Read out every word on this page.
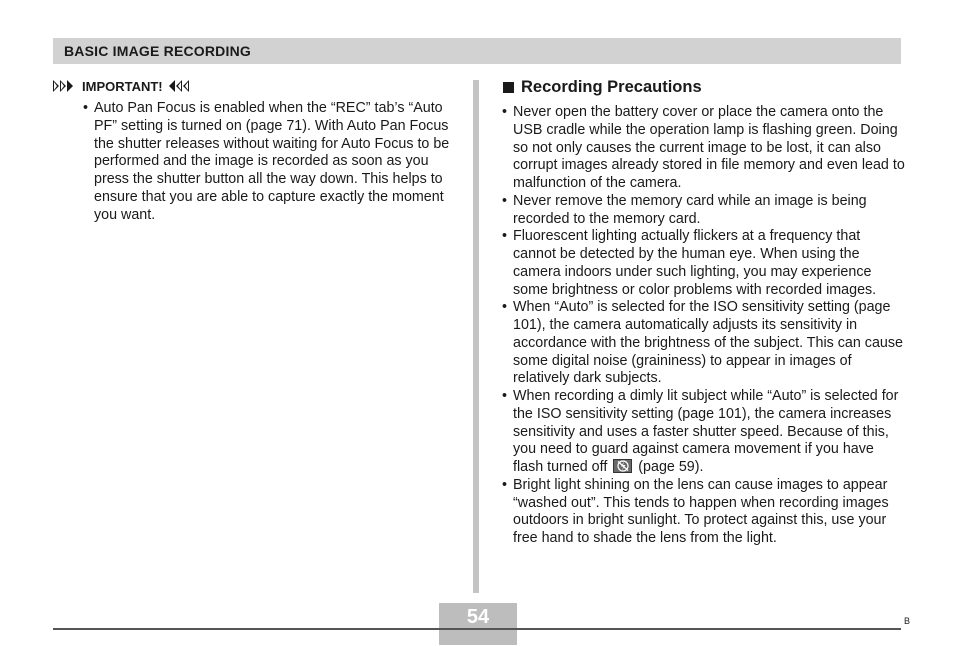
BASIC IMAGE RECORDING
IMPORTANT!
• Auto Pan Focus is enabled when the “REC” tab’s “Auto PF” setting is turned on (page 71). With Auto Pan Focus the shutter releases without waiting for Auto Focus to be performed and the image is recorded as soon as you press the shutter button all the way down. This helps to ensure that you are able to capture exactly the moment you want.
Recording Precautions
• Never open the battery cover or place the camera onto the USB cradle while the operation lamp is flashing green. Doing so not only causes the current image to be lost, it can also corrupt images already stored in file memory and even lead to malfunction of the camera.
• Never remove the memory card while an image is being recorded to the memory card.
• Fluorescent lighting actually flickers at a frequency that cannot be detected by the human eye. When using the camera indoors under such lighting, you may experience some brightness or color problems with recorded images.
• When “Auto” is selected for the ISO sensitivity setting (page 101), the camera automatically adjusts its sensitivity in accordance with the brightness of the subject. This can cause some digital noise (graininess) to appear in images of relatively dark subjects.
• When recording a dimly lit subject while “Auto” is selected for the ISO sensitivity setting (page 101), the camera increases sensitivity and uses a faster shutter speed. Because of this, you need to guard against camera movement if you have flash turned off
(page 59).
• Bright light shining on the lens can cause images to appear “washed out”. This tends to happen when recording images outdoors in bright sunlight. To protect against this, use your free hand to shade the lens from the light.
54	B
